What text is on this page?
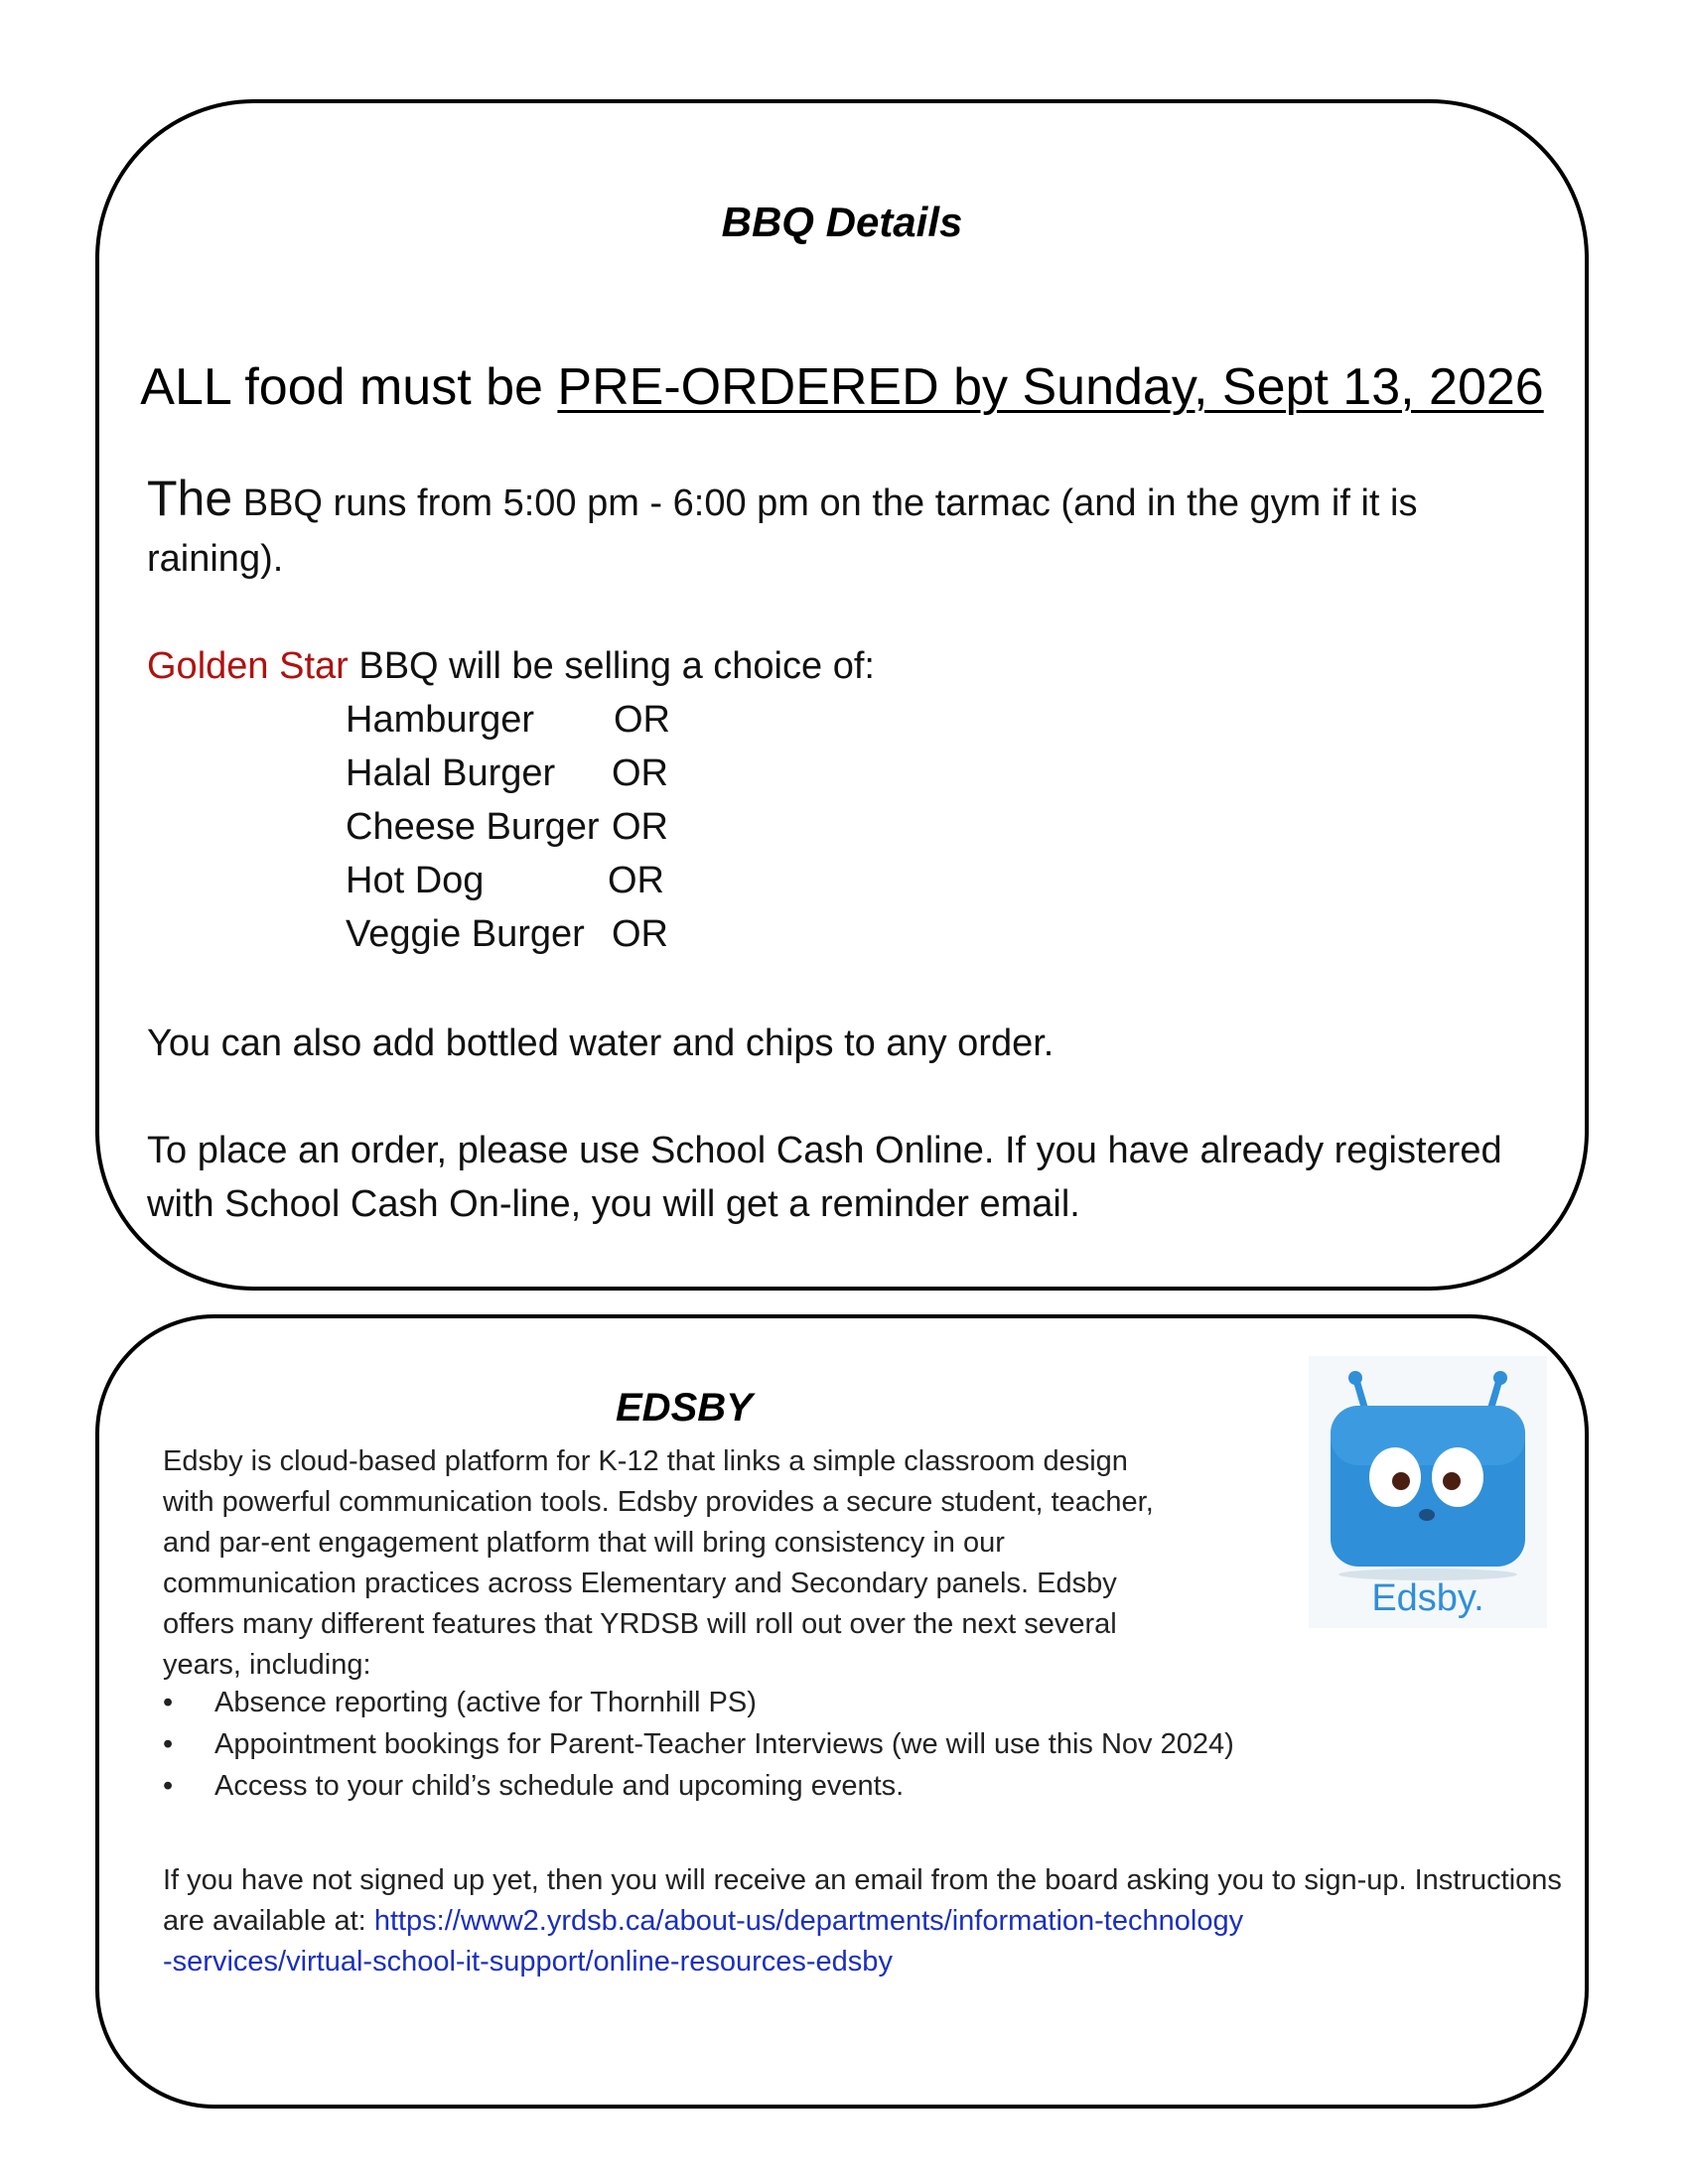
BBQ Details

ALL food must be PRE-ORDERED by Sunday, Sept 13, 2026

The BBQ runs from 5:00 pm - 6:00 pm on the tarmac (and in the gym if it is raining).

Golden Star BBQ will be selling a choice of:

Hamburger OR

Halal Burger OR

Cheese Burger OR

Hot Dog	OR

Veggie Burger OR

You can also add bottled water and chips to any order.

To place an order, please use School Cash Online. If you have already registered with School Cash On-line, you will get a reminder email.

EDSBY

Edsby is cloud-based platform for K-12 that links a simple classroom design with powerful communication tools. Edsby provides a secure student, teacher, and par-ent engagement platform that will bring consistency in our communication practices across Elementary and Secondary panels. Edsby offers many different features that YRDSB will roll out over the next several years, including:

• Absence reporting (active for Thornhill PS)
• Appointment bookings for Parent-Teacher Interviews (we will use this Nov 2024)
• Access to your child’s schedule and upcoming events.

If you have not signed up yet, then you will receive an email from the board asking you to sign-up. Instructions are available at: https://www2.yrdsb.ca/about-us/departments/information-technology

-services/virtual-school-it-support/online-resources-edsby

Edsby.
